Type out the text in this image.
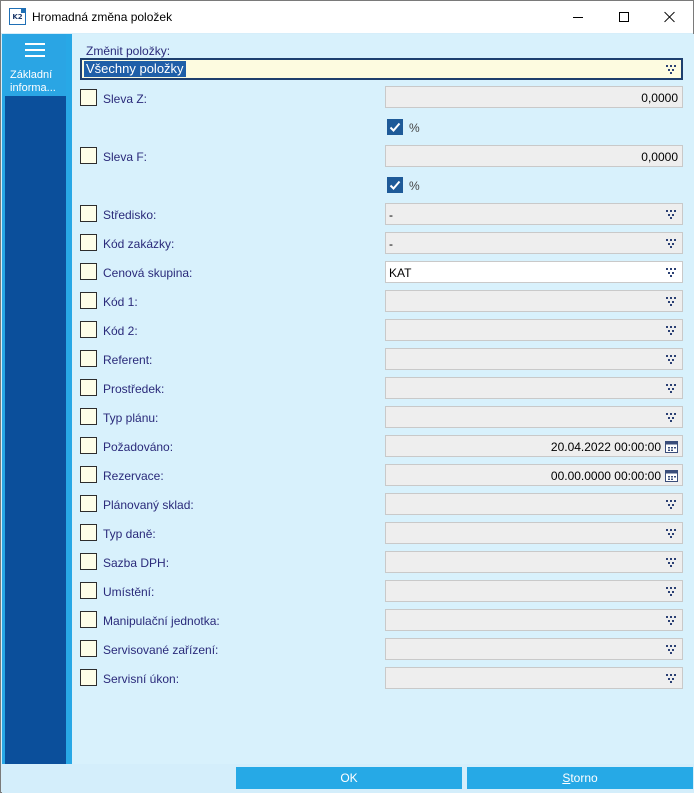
K2 Hromadná změna položek
Základní informa...
Změnit položky:
Všechny položky
Sleva Z:	0,0000
%
Sleva F:	0,0000
%
Středisko:	-
Kód zakázky:	-
Cenová skupina:	KAT
Kód 1:
Kód 2:
Referent:
Prostředek:
Typ plánu:
Požadováno:	20.04.2022 00:00:00
Rezervace:	00.00.0000 00:00:00
Plánovaný sklad:
Typ daně:
Sazba DPH:
Umístění:
Manipulační jednotka:
Servisované zařízení:
Servisní úkon:
OK	S torno
